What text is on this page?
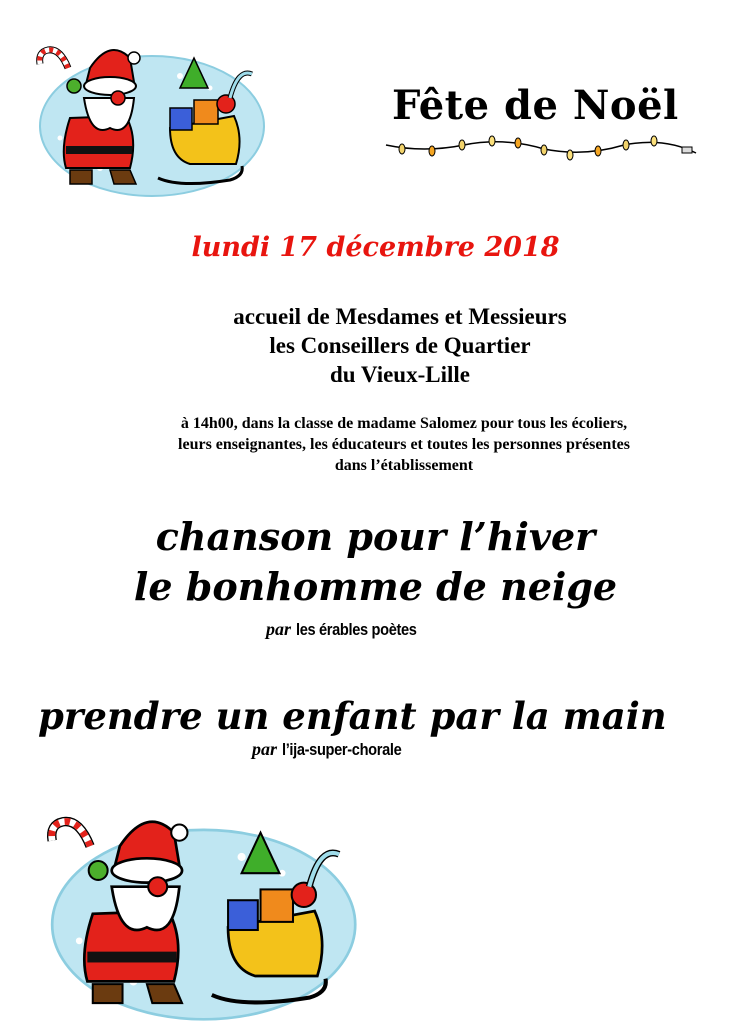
Fête de Noël
lundi 17 décembre 2018
accueil de Mesdames et Messieurs
les Conseillers de Quartier
du Vieux-Lille
à 14h00, dans la classe de madame Salomez pour tous les écoliers,
leurs enseignantes, les éducateurs et toutes les personnes présentes
dans l’établissement
chanson pour l’hiver
le bonhomme de neige
par les érables poètes
prendre un enfant par la main
par l’ija-super-chorale
